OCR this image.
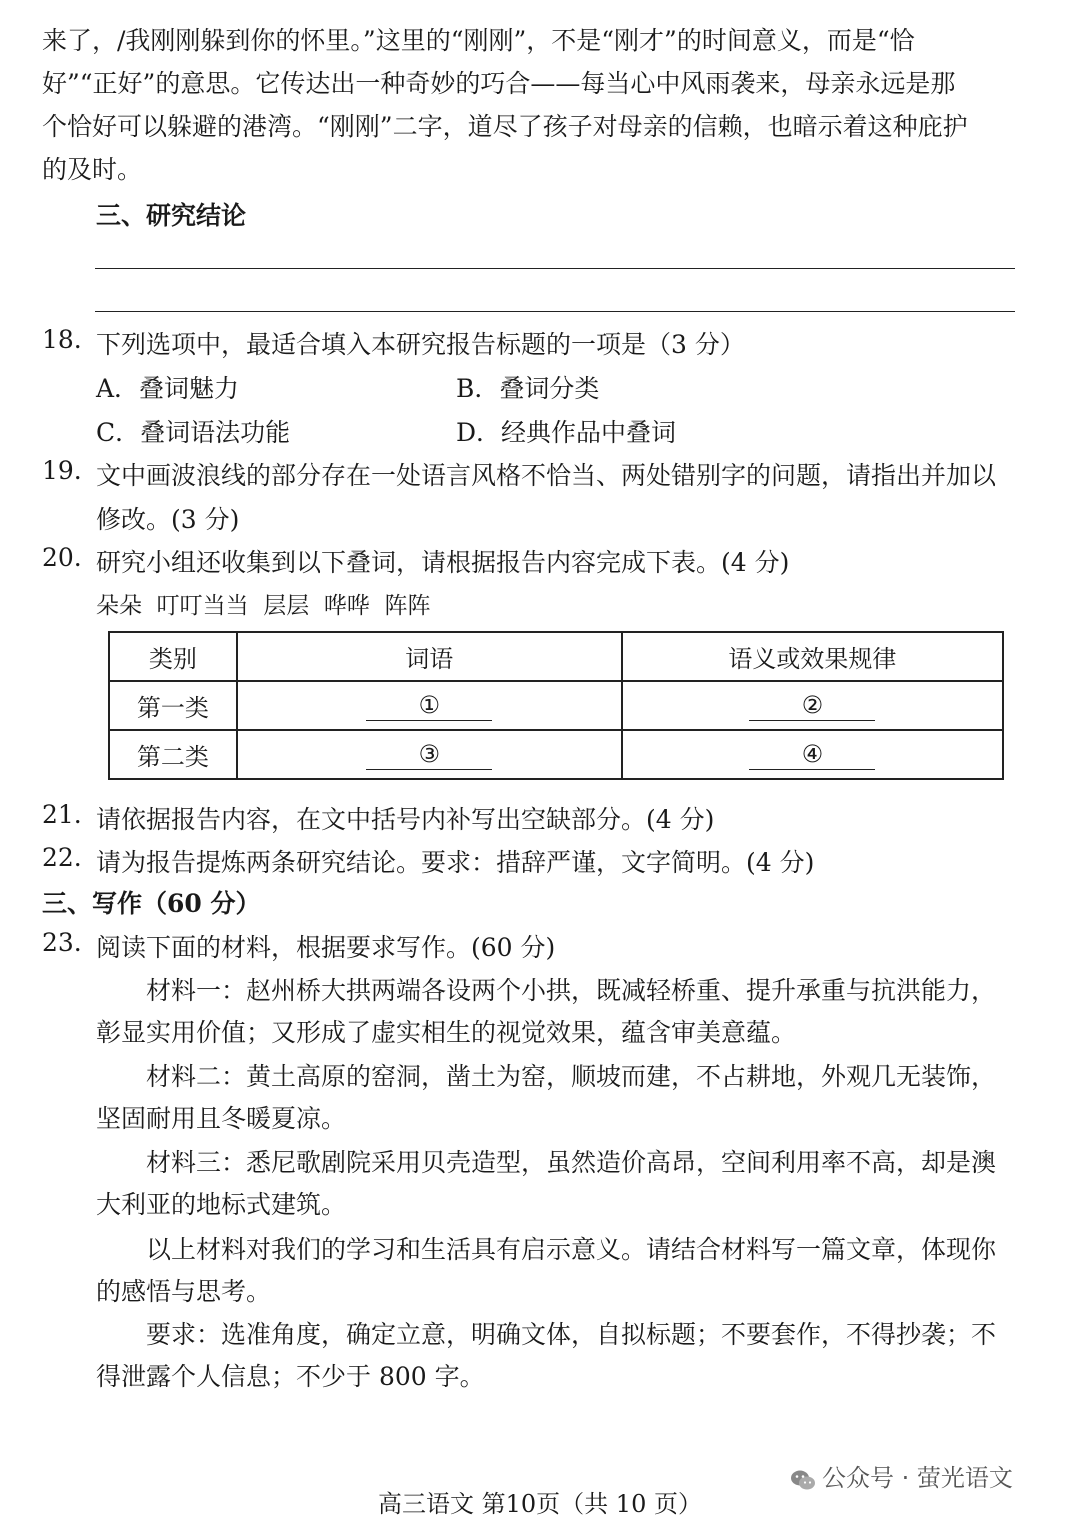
来了，/我刚刚躲到你的怀里。”这里的“刚刚”，不是“刚才”的时间意义，而是“恰
好”“正好”的意思。它传达出一种奇妙的巧合——每当心中风雨袭来，母亲永远是那
个恰好可以躲避的港湾。“刚刚”二字，道尽了孩子对母亲的信赖，也暗示着这种庇护
的及时。
三、研究结论
18. 下列选项中，最适合填入本研究报告标题的一项是（3 分）
A．叠词魅力	B．叠词分类
C．叠词语法功能	D．经典作品中叠词
19. 文中画波浪线的部分存在一处语言风格不恰当、两处错别字的问题，请指出并加以
修改。(3 分)
20. 研究小组还收集到以下叠词，请根据报告内容完成下表。(4 分)
朵朵  叮叮当当  层层  哗哗  阵阵
类别	词语	语义或效果规律
第一类	①	②
第二类	③	④
21. 请依据报告内容，在文中括号内补写出空缺部分。(4 分)
22. 请为报告提炼两条研究结论。要求：措辞严谨，文字简明。(4 分)
三、写作（60 分）
23. 阅读下面的材料，根据要求写作。(60 分)
材料一：赵州桥大拱两端各设两个小拱，既减轻桥重、提升承重与抗洪能力，彰显实用价值；又形成了虚实相生的视觉效果，蕴含审美意蕴。
材料二：黄土高原的窑洞，凿土为窑，顺坡而建，不占耕地，外观几无装饰，坚固耐用且冬暖夏凉。
材料三：悉尼歌剧院采用贝壳造型，虽然造价高昂，空间利用率不高，却是澳大利亚的地标式建筑。
以上材料对我们的学习和生活具有启示意义。请结合材料写一篇文章，体现你的感悟与思考。
要求：选准角度，确定立意，明确文体，自拟标题；不要套作，不得抄袭；不得泄露个人信息；不少于 800 字。
公众号 · 萤光语文
高三语文 第10页（共 10 页）
